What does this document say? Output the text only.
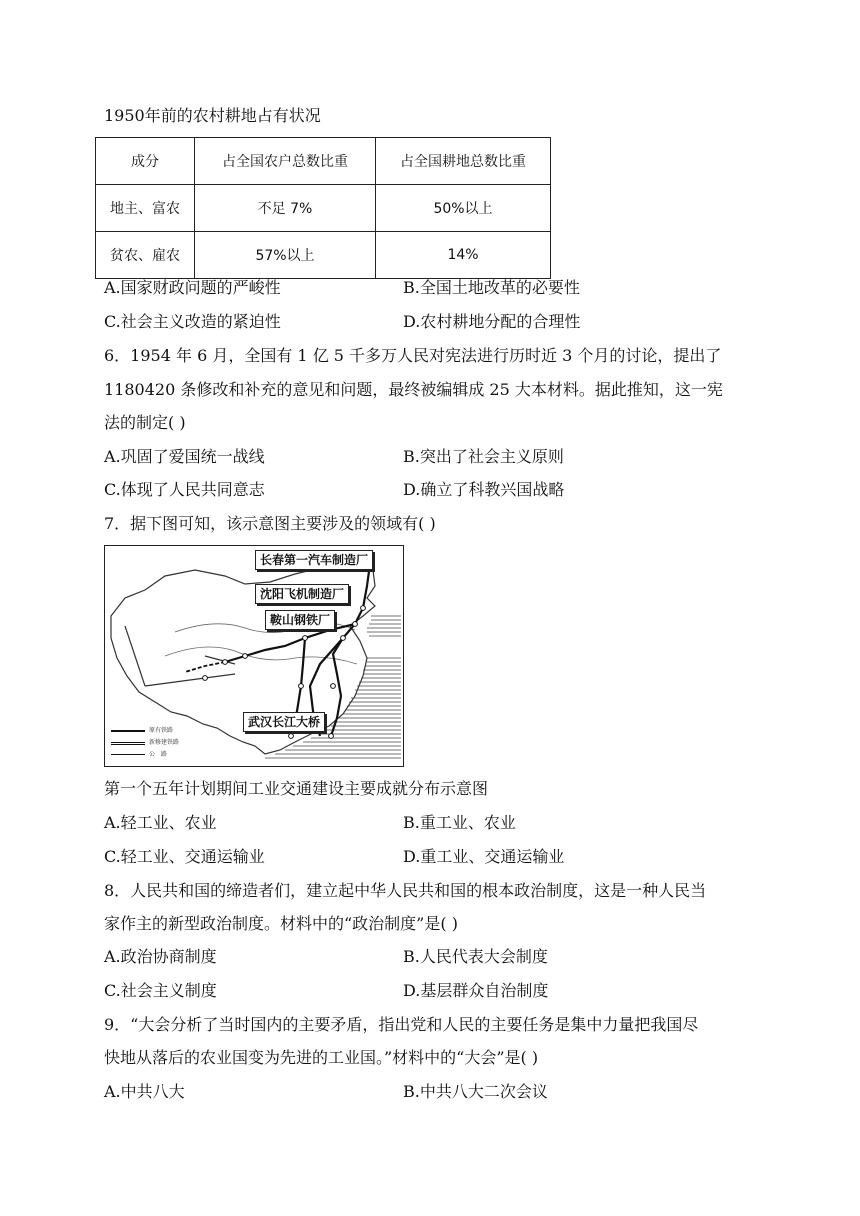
1950年前的农村耕地占有状况
成分	占全国农户总数比重	占全国耕地总数比重
地主、富农	不足 7%	50%以上
贫农、雇农	57%以上	14%
A.国家财政问题的严峻性	B.全国土地改革的必要性
C.社会主义改造的紧迫性	D.农村耕地分配的合理性
6．1954 年 6 月，全国有 1 亿 5 千多万人民对宪法进行历时近 3 个月的讨论，提出了
1180420 条修改和补充的意见和问题，最终被编辑成 25 大本材料。据此推知，这一宪
法的制定( )
A.巩固了爱国统一战线	B.突出了社会主义原则
C.体现了人民共同意志	D.确立了科教兴国战略
7．据下图可知，该示意图主要涉及的领域有( )
长春第一汽车制造厂
沈阳飞机制造厂
鞍山钢铁厂
武汉长江大桥
原有铁路
新修建铁路
公　路
第一个五年计划期间工业交通建设主要成就分布示意图
A.轻工业、农业	B.重工业、农业
C.轻工业、交通运输业	D.重工业、交通运输业
8．人民共和国的缔造者们，建立起中华人民共和国的根本政治制度，这是一种人民当
家作主的新型政治制度。材料中的“政治制度”是( )
A.政治协商制度	B.人民代表大会制度
C.社会主义制度	D.基层群众自治制度
9．“大会分析了当时国内的主要矛盾，指出党和人民的主要任务是集中力量把我国尽
快地从落后的农业国变为先进的工业国。”材料中的“大会”是( )
A.中共八大	B.中共八大二次会议
